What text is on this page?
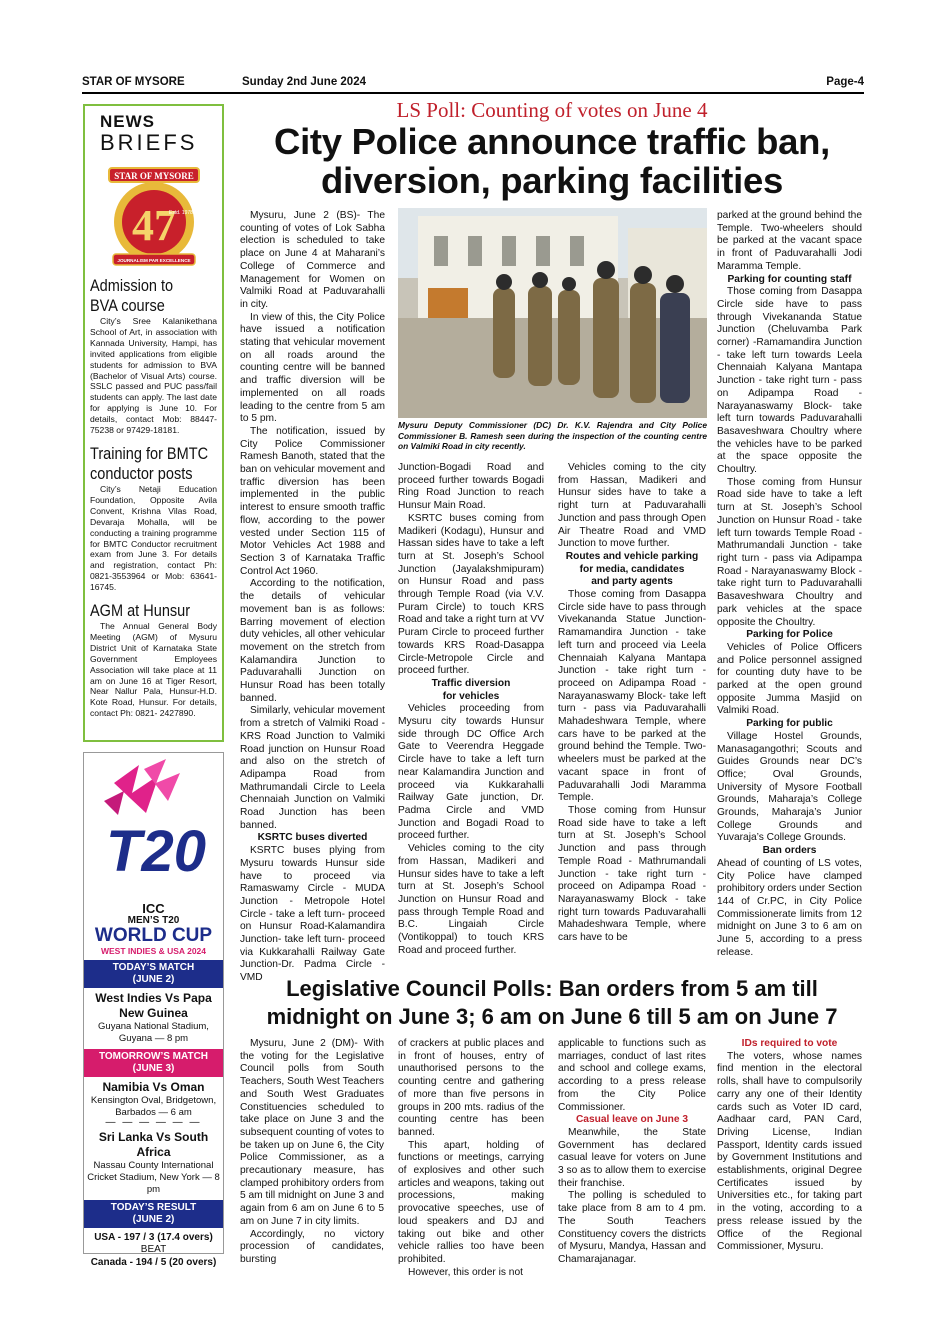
STAR OF MYSORE	Sunday 2nd June 2024	Page-4
NEWS
BRIEFS
STAR OF MYSORE
47
Estd. 1978
JOURNALISM PAR EXCELLENCE
Admission to
BVA course

City’s Sree Kalanikethana School of Art, in association with Kannada University, Hampi, has invited applications from eligible students for admission to BVA (Bachelor of Visual Arts) course. SSLC passed and PUC pass/fail students can apply. The last date for applying is June 10. For details, contact Mob: 88447-75238 or 97429-18181.

Training for BMTC
conductor posts

City’s Netaji Education Foundation, Opposite Avila Convent, Krishna Vilas Road, Devaraja Mohalla, will be conducting a training programme for BMTC Conductor recruitment exam from June 3. For details and registration, contact Ph: 0821-3553964 or Mob: 63641-16745.

AGM at Hunsur

The Annual General Body Meeting (AGM) of Mysuru District Unit of Karnataka State Government Employees Association will take place at 11 am on June 16 at Tiger Resort, Near Nallur Pala, Hunsur-H.D. Kote Road, Hunsur. For details, contact Ph: 0821- 2427890.

T20
ICC
MEN’S T20
WORLD CUP
WEST INDIES & USA 2024
TODAY’S MATCH
(JUNE 2)
West Indies Vs Papa New Guinea
Guyana National Stadium, Guyana — 8 pm
TOMORROW’S MATCH
(JUNE 3)
Namibia Vs Oman
Kensington Oval, Bridgetown, Barbados — 6 am
— — — — — —
Sri Lanka Vs South Africa
Nassau County International Cricket Stadium, New York — 8 pm
TODAY’S RESULT
(JUNE 2)
USA - 197 / 3 (17.4 overs)
BEAT
Canada - 194 / 5 (20 overs)
LS Poll: Counting of votes on June 4
City Police announce traffic ban,
diversion, parking facilities

Mysuru, June 2 (BS)- The counting of votes of Lok Sabha election is scheduled to take place on June 4 at Maharani’s College of Commerce and Management for Women on Valmiki Road at Paduvarahalli in city.

In view of this, the City Police have issued a notification stating that vehicular movement on all roads around the counting centre will be banned and traffic diversion will be implemented on all roads leading to the centre from 5 am to 5 pm.

The notification, issued by City Police Commissioner Ramesh Banoth, stated that the ban on vehicular movement and traffic diversion has been implemented in the public interest to ensure smooth traffic flow, according to the power vested under Section 115 of Motor Vehicles Act 1988 and Section 3 of Karnataka Traffic Control Act 1960.

According to the notification, the details of vehicular movement ban is as follows: Barring movement of election duty vehicles, all other vehicular movement on the stretch from Kalamandira Junction to Paduvarahalli Junction on Hunsur Road has been totally banned.

Similarly, vehicular movement from a stretch of Valmiki Road - KRS Road Junction to Valmiki Road junction on Hunsur Road and also on the stretch of Adipampa Road from Mathrumandali Circle to Leela Chennaiah Junction on Valmiki Road Junction has been banned.

KSRTC buses diverted

KSRTC buses plying from Mysuru towards Hunsur side have to proceed via Ramaswamy Circle - MUDA Junction - Metropole Hotel Circle - take a left turn- proceed on Hunsur Road-Kalamandira Junction- take left turn- proceed via Kukkarahalli Railway Gate Junction-Dr. Padma Circle - VMD

Mysuru Deputy Commissioner (DC) Dr. K.V. Rajendra and City Police Commissioner B. Ramesh seen during the inspection of the counting centre on Valmiki Road in city recently.

Junction-Bogadi Road and proceed further towards Bogadi Ring Road Junction to reach Hunsur Main Road.

KSRTC buses coming from Madikeri (Kodagu), Hunsur and Hassan sides have to take a left turn at St. Joseph’s School Junction (Jayalakshmipuram) on Hunsur Road and pass through Temple Road (via V.V. Puram Circle) to touch KRS Road and take a right turn at VV Puram Circle to proceed further towards KRS Road-Dasappa Circle-Metropole Circle and proceed further.

Traffic diversion

for vehicles

Vehicles proceeding from Mysuru city towards Hunsur side through DC Office Arch Gate to Veerendra Heggade Circle have to take a left turn near Kalamandira Junction and proceed via Kukkarahalli Railway Gate junction, Dr. Padma Circle and VMD Junction and Bogadi Road to proceed further.

Vehicles coming to the city from Hassan, Madikeri and Hunsur sides have to take a left turn at St. Joseph’s School Junction on Hunsur Road and pass through Temple Road and B.C. Lingaiah Circle (Vontikoppal) to touch KRS Road and proceed further.

Vehicles coming to the city from Hassan, Madikeri and Hunsur sides have to take a right turn at Paduvarahalli Junction and pass through Open Air Theatre Road and VMD Junction to move further.

Routes and vehicle parking

for media, candidates

and party agents

Those coming from Dasappa Circle side have to pass through Vivekananda Statue Junction-Ramamandira Junction - take left turn and proceed via Leela Chennaiah Kalyana Mantapa Junction - take right turn - proceed on Adipampa Road - Narayanaswamy Block- take left turn - pass via Paduvarahalli Mahadeshwara Temple, where cars have to be parked at the ground behind the Temple. Two-wheelers must be parked at the vacant space in front of Paduvarahalli Jodi Maramma Temple.

Those coming from Hunsur Road side have to take a left turn at St. Joseph’s School Junction and pass through Temple Road - Mathrumandali Junction - take right turn - proceed on Adipampa Road - Narayanaswamy Block - take right turn towards Paduvarahalli Mahadeshwara Temple, where cars have to be

parked at the ground behind the Temple. Two-wheelers should be parked at the vacant space in front of Paduvarahalli Jodi Maramma Temple.

Parking for counting staff

Those coming from Dasappa Circle side have to pass through Vivekananda Statue Junction (Cheluvamba Park corner) -Ramamandira Junction - take left turn towards Leela Chennaiah Kalyana Mantapa Junction - take right turn - pass on Adipampa Road - Narayanaswamy Block- take left turn towards Paduvarahalli Basaveshwara Choultry where the vehicles have to be parked at the space opposite the Choultry.

Those coming from Hunsur Road side have to take a left turn at St. Joseph’s School Junction on Hunsur Road - take left turn towards Temple Road - Mathrumandali Junction - take right turn - pass via Adipampa Road - Narayanaswamy Block - take right turn to Paduvarahalli Basaveshwara Choultry and park vehicles at the space opposite the Choultry.

Parking for Police

Vehicles of Police Officers and Police personnel assigned for counting duty have to be parked at the open ground opposite Jumma Masjid on Valmiki Road.

Parking for public

Village Hostel Grounds, Manasagangothri; Scouts and Guides Grounds near DC’s Office; Oval Grounds, University of Mysore Football Grounds, Maharaja’s College Grounds, Maharaja’s Junior College Grounds and Yuvaraja’s College Grounds.

Ban orders

Ahead of counting of LS votes, City Police have clamped prohibitory orders under Section 144 of Cr.PC, in City Police Commissionerate limits from 12 midnight on June 3 to 6 am on June 5, according to a press release.

Legislative Council Polls: Ban orders from 5 am till
midnight on June 3; 6 am on June 6 till 5 am on June 7

Mysuru, June 2 (DM)- With the voting for the Legislative Council polls from South Teachers, South West Teachers and South West Graduates Constituencies scheduled to take place on June 3 and the subsequent counting of votes to be taken up on June 6, the City Police Commissioner, as a precautionary measure, has clamped prohibitory orders from 5 am till midnight on June 3 and again from 6 am on June 6 to 5 am on June 7 in city limits.

Accordingly, no victory procession of candidates, bursting

of crackers at public places and in front of houses, entry of unauthorised persons to the counting centre and gathering of more than five persons in groups in 200 mts. radius of the counting centre has been banned.

This apart, holding of functions or meetings, carrying of explosives and other such articles and weapons, taking out processions, making provocative speeches, use of loud speakers and DJ and taking out bike and other vehicle rallies too have been prohibited.

However, this order is not

applicable to functions such as marriages, conduct of last rites and school and college exams, according to a press release from the City Police Commissioner.

Casual leave on June 3

Meanwhile, the State Government has declared casual leave for voters on June 3 so as to allow them to exercise their franchise.

The polling is scheduled to take place from 8 am to 4 pm. The South Teachers Constituency covers the districts of Mysuru, Mandya, Hassan and Chamarajanagar.

IDs required to vote

The voters, whose names find mention in the electoral rolls, shall have to compulsorily carry any one of their Identity cards such as Voter ID card, Aadhaar card, PAN Card, Driving License, Indian Passport, Identity cards issued by Government Institutions and establishments, original Degree Certificates issued by Universities etc., for taking part in the voting, according to a press release issued by the Office of the Regional Commissioner, Mysuru.
